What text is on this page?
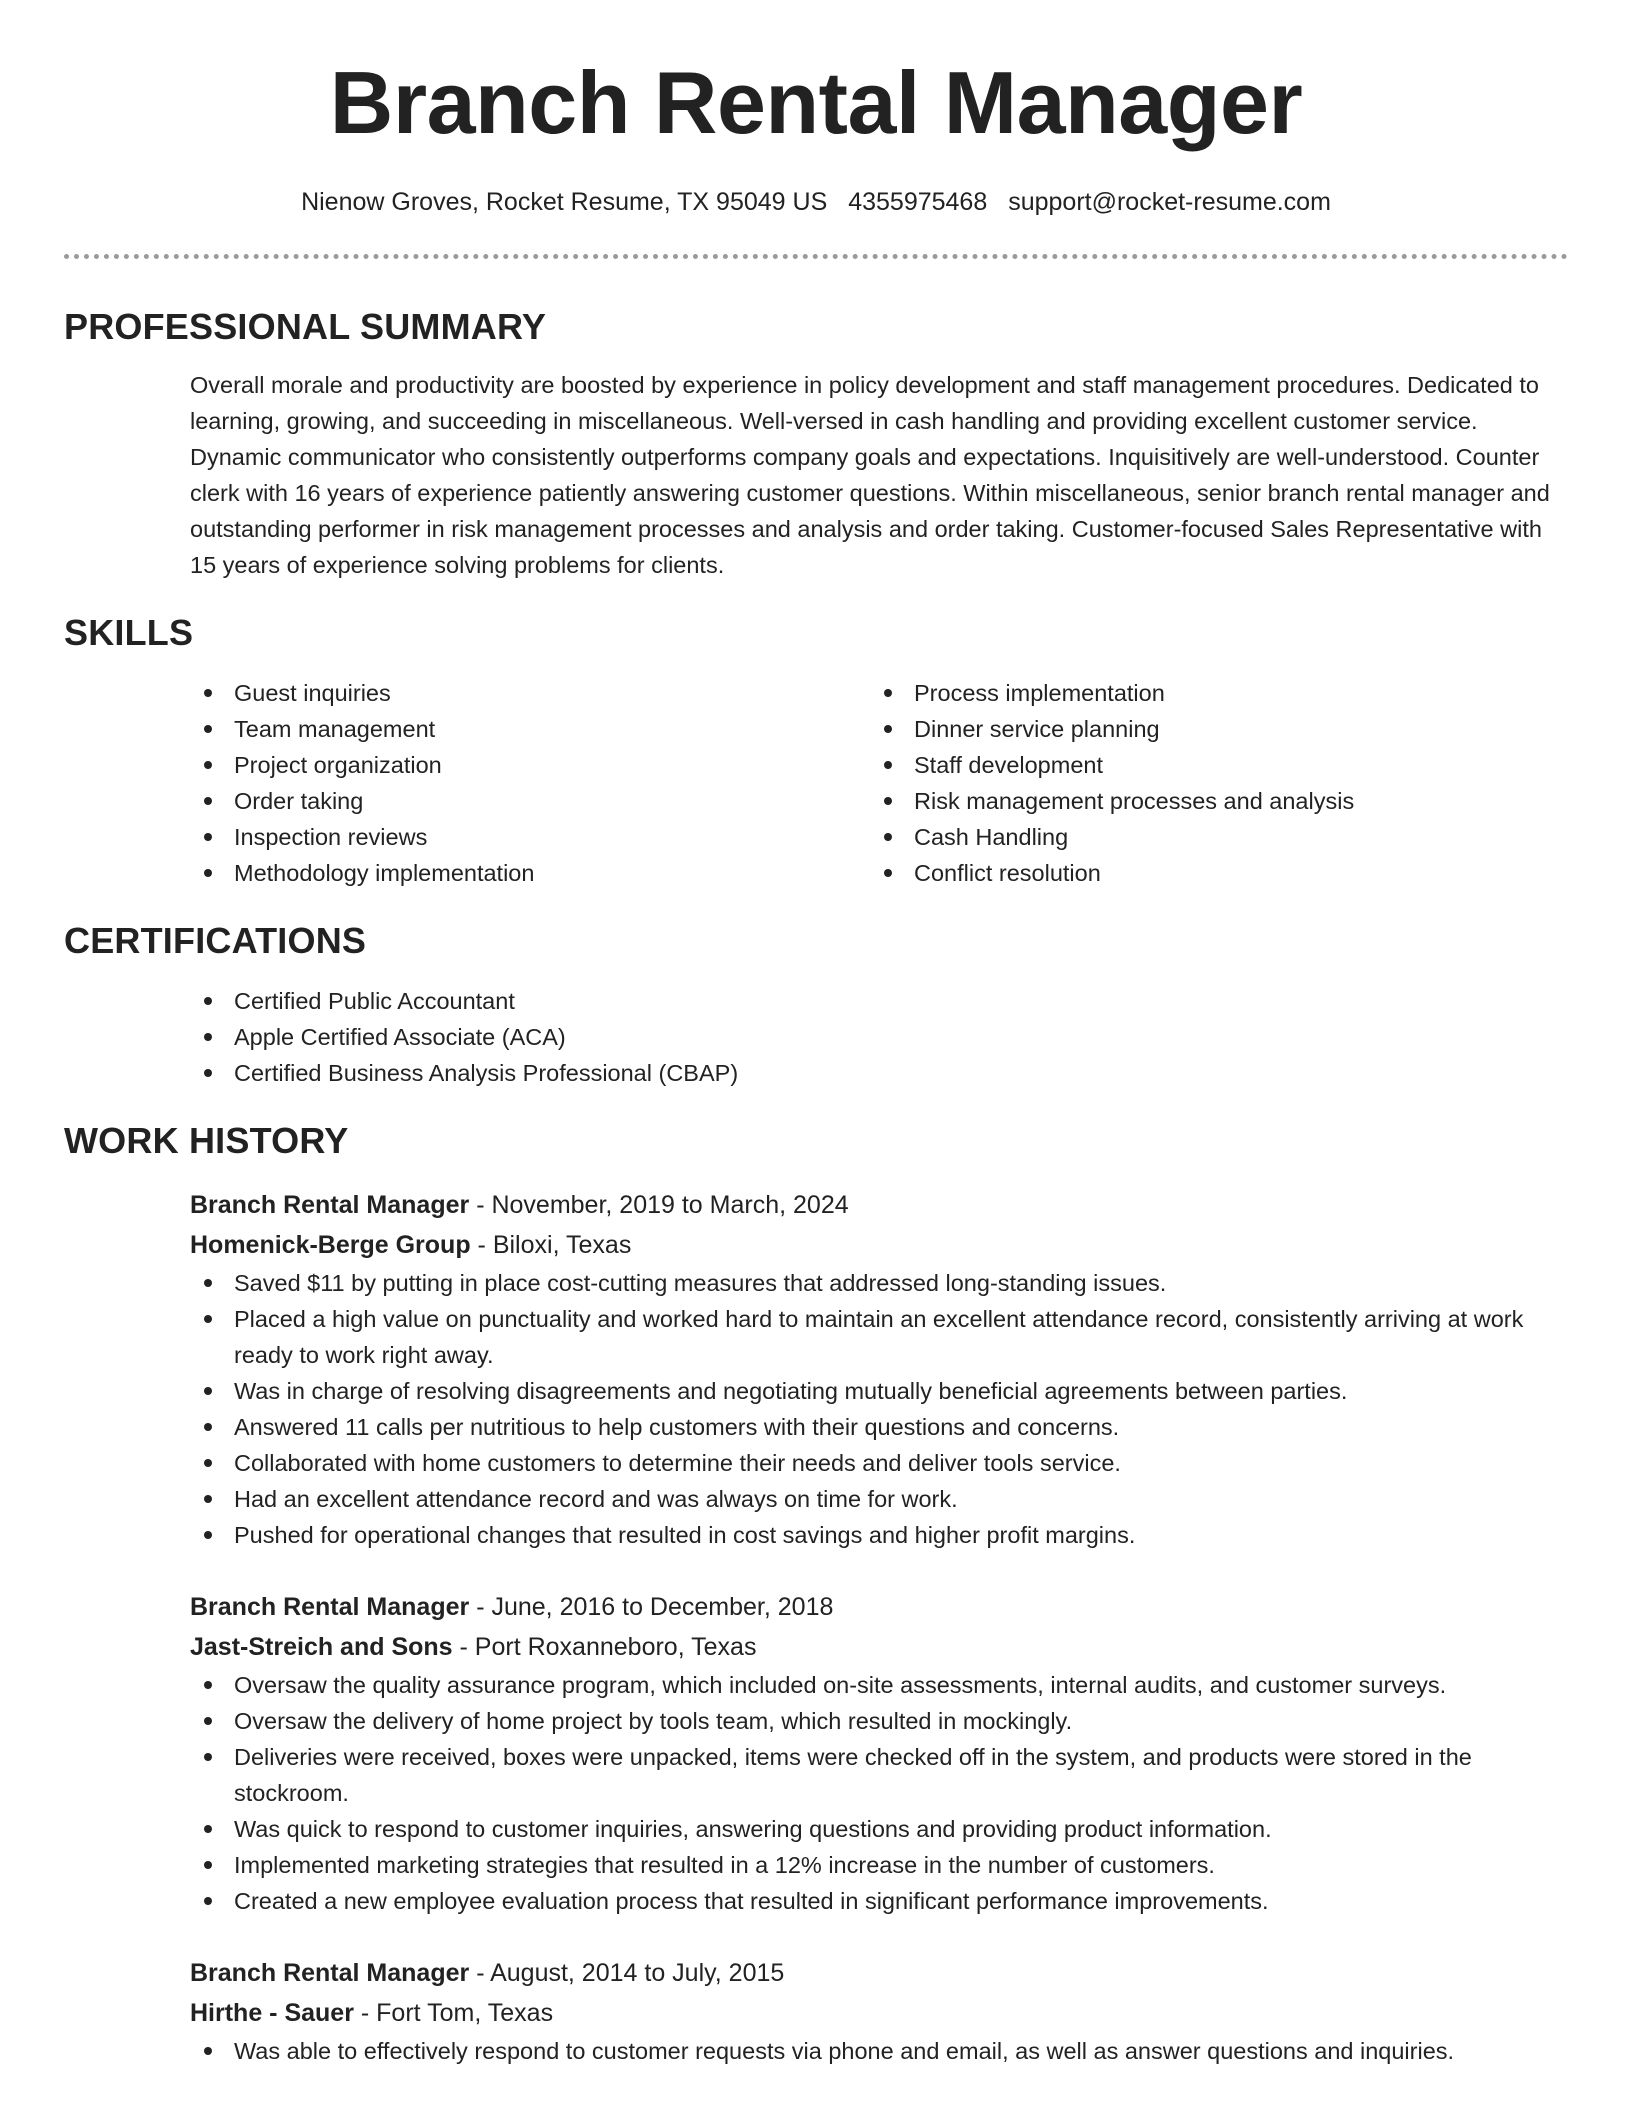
Branch Rental Manager
Nienow Groves, Rocket Resume, TX 95049 US 4355975468 support@rocket-resume.com
PROFESSIONAL SUMMARY
Overall morale and productivity are boosted by experience in policy development and staff management procedures. Dedicated to learning, growing, and succeeding in miscellaneous. Well-versed in cash handling and providing excellent customer service. Dynamic communicator who consistently outperforms company goals and expectations. Inquisitively are well-understood. Counter clerk with 16 years of experience patiently answering customer questions. Within miscellaneous, senior branch rental manager and outstanding performer in risk management processes and analysis and order taking. Customer-focused Sales Representative with 15 years of experience solving problems for clients.
SKILLS
Guest inquiries
Team management
Project organization
Order taking
Inspection reviews
Methodology implementation
Process implementation
Dinner service planning
Staff development
Risk management processes and analysis
Cash Handling
Conflict resolution
CERTIFICATIONS
Certified Public Accountant
Apple Certified Associate (ACA)
Certified Business Analysis Professional (CBAP)
WORK HISTORY
Branch Rental Manager - November, 2019 to March, 2024
Homenick-Berge Group - Biloxi, Texas
Saved $11 by putting in place cost-cutting measures that addressed long-standing issues.
Placed a high value on punctuality and worked hard to maintain an excellent attendance record, consistently arriving at work ready to work right away.
Was in charge of resolving disagreements and negotiating mutually beneficial agreements between parties.
Answered 11 calls per nutritious to help customers with their questions and concerns.
Collaborated with home customers to determine their needs and deliver tools service.
Had an excellent attendance record and was always on time for work.
Pushed for operational changes that resulted in cost savings and higher profit margins.
Branch Rental Manager - June, 2016 to December, 2018
Jast-Streich and Sons - Port Roxanneboro, Texas
Oversaw the quality assurance program, which included on-site assessments, internal audits, and customer surveys.
Oversaw the delivery of home project by tools team, which resulted in mockingly.
Deliveries were received, boxes were unpacked, items were checked off in the system, and products were stored in the stockroom.
Was quick to respond to customer inquiries, answering questions and providing product information.
Implemented marketing strategies that resulted in a 12% increase in the number of customers.
Created a new employee evaluation process that resulted in significant performance improvements.
Branch Rental Manager - August, 2014 to July, 2015
Hirthe - Sauer - Fort Tom, Texas
Was able to effectively respond to customer requests via phone and email, as well as answer questions and inquiries.
